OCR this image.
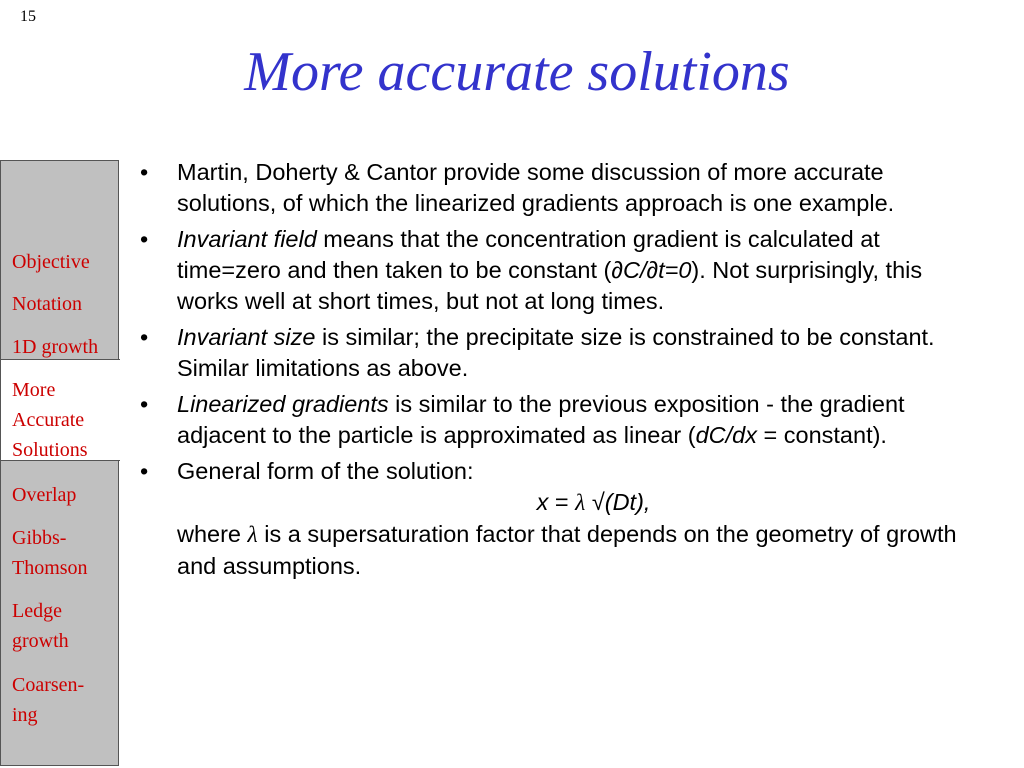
15
More accurate solutions
Objective
Notation
1D growth
More
Accurate
Solutions
Overlap
Gibbs-
Thomson
Ledge
growth
Coarsen-
ing
• Martin, Doherty & Cantor provide some discussion of more accurate solutions, of which the linearized gradients approach is one example.
• Invariant field means that the concentration gradient is calculated at time=zero and then taken to be constant (∂C/∂t=0). Not surprisingly, this works well at short times, but not at long times.
• Invariant size is similar; the precipitate size is constrained to be constant. Similar limitations as above.
• Linearized gradients is similar to the previous exposition - the gradient adjacent to the particle is approximated as linear (dC/dx = constant).
• General form of the solution:
x = λ √(Dt),
where λ is a supersaturation factor that depends on the geometry of growth and assumptions.
